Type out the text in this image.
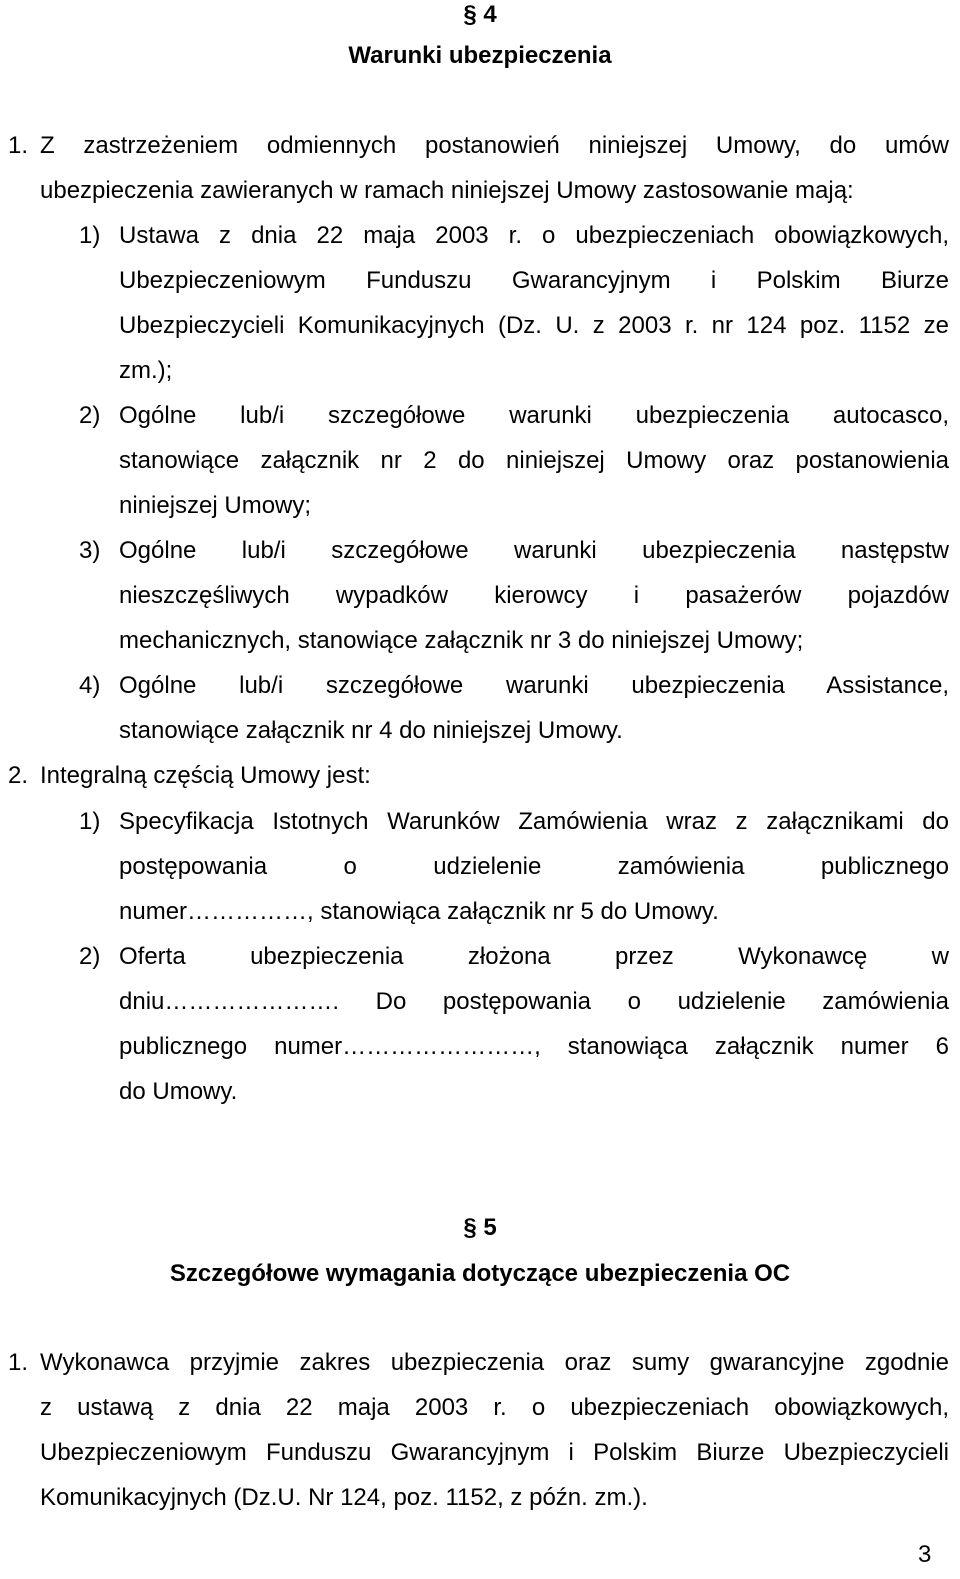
§ 4
Warunki ubezpieczenia
1. Z zastrzeżeniem odmiennych postanowień niniejszej Umowy, do umów
ubezpieczenia zawieranych w ramach niniejszej Umowy zastosowanie mają:
1) Ustawa z dnia 22 maja 2003 r. o ubezpieczeniach obowiązkowych,
Ubezpieczeniowym Funduszu Gwarancyjnym i Polskim Biurze
Ubezpieczycieli Komunikacyjnych (Dz. U. z 2003 r. nr 124 poz. 1152 ze
zm.);
2) Ogólne lub/i szczegółowe warunki ubezpieczenia autocasco,
stanowiące załącznik nr 2 do niniejszej Umowy oraz postanowienia
niniejszej Umowy;
3) Ogólne lub/i szczegółowe warunki ubezpieczenia następstw
nieszczęśliwych wypadków kierowcy i pasażerów pojazdów
mechanicznych, stanowiące załącznik nr 3 do niniejszej Umowy;
4) Ogólne lub/i szczegółowe warunki ubezpieczenia Assistance,
stanowiące załącznik nr 4 do niniejszej Umowy.
2. Integralną częścią Umowy jest:
1) Specyfikacja Istotnych Warunków Zamówienia wraz z załącznikami do
postępowania o udzielenie zamówienia publicznego
numer……………, stanowiąca załącznik nr 5 do Umowy.
2) Oferta ubezpieczenia złożona przez Wykonawcę w
dniu…………………. Do postępowania o udzielenie zamówienia
publicznego numer……………………, stanowiąca załącznik numer 6
do Umowy.
§ 5
Szczegółowe wymagania dotyczące ubezpieczenia OC
1. Wykonawca przyjmie zakres ubezpieczenia oraz sumy gwarancyjne zgodnie
z ustawą z dnia 22 maja 2003 r. o ubezpieczeniach obowiązkowych,
Ubezpieczeniowym Funduszu Gwarancyjnym i Polskim Biurze Ubezpieczycieli
Komunikacyjnych (Dz.U. Nr 124, poz. 1152, z późn. zm.).
3
